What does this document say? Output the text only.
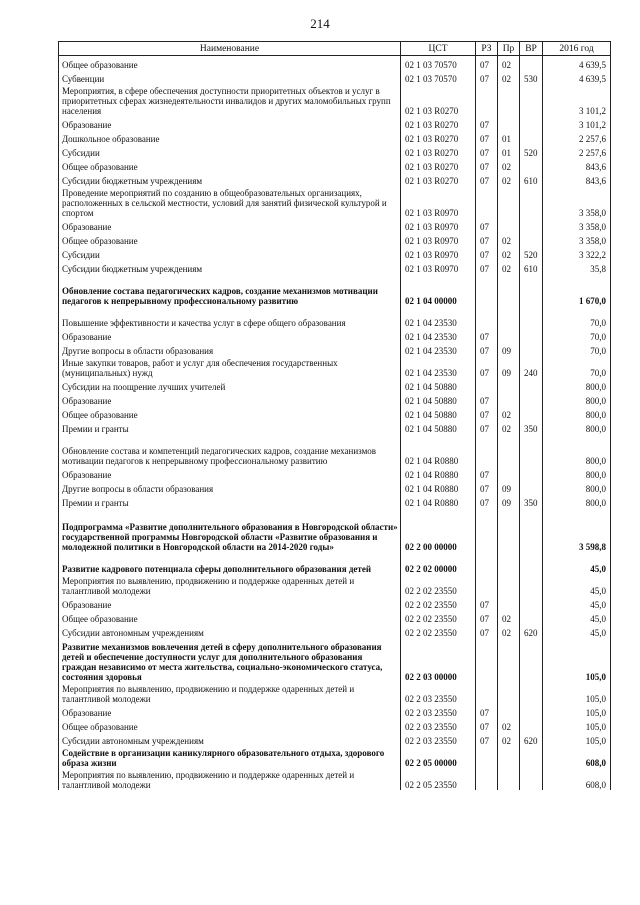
214
Наименование	ЦСТ	РЗ	Пр	ВР	2016 год
Общее образование	02 1 03 70570	07	02		4 639,5
Субвенции	02 1 03 70570	07	02	530	4 639,5
Мероприятия, в сфере обеспечения доступности приоритетных объектов и услуг в приоритетных сферах жизнедеятельности инвалидов и других маломобильных групп населения	02 1 03 R0270				3 101,2
Образование	02 1 03 R0270	07			3 101,2
Дошкольное образование	02 1 03 R0270	07	01		2 257,6
Субсидии	02 1 03 R0270	07	01	520	2 257,6
Общее образование	02 1 03 R0270	07	02		843,6
Субсидии бюджетным учреждениям	02 1 03 R0270	07	02	610	843,6
Проведение мероприятий по созданию в общеобразовательных организациях, расположенных в сельской местности, условий для занятий физической культурой и спортом	02 1 03 R0970				3 358,0
Образование	02 1 03 R0970	07			3 358,0
Общее образование	02 1 03 R0970	07	02		3 358,0
Субсидии	02 1 03 R0970	07	02	520	3 322,2
Субсидии бюджетным учреждениям	02 1 03 R0970	07	02	610	35,8
Обновление состава педагогических кадров, создание механизмов мотивации педагогов к непрерывному профессиональному развитию	02 1 04 00000				1 670,0
Повышение эффективности и качества услуг в сфере общего образования	02 1 04 23530				70,0
Образование	02 1 04 23530	07			70,0
Другие вопросы в области образования	02 1 04 23530	07	09		70,0
Иные закупки товаров, работ и услуг для обеспечения государственных (муниципальных) нужд	02 1 04 23530	07	09	240	70,0
Субсидии на поощрение лучших учителей	02 1 04 50880				800,0
Образование	02 1 04 50880	07			800,0
Общее образование	02 1 04 50880	07	02		800,0
Премии и гранты	02 1 04 50880	07	02	350	800,0
Обновление состава и компетенций педагогических кадров, создание механизмов мотивации педагогов к непрерывному профессиональному развитию	02 1 04 R0880				800,0
Образование	02 1 04 R0880	07			800,0
Другие вопросы в области образования	02 1 04 R0880	07	09		800,0
Премии и гранты	02 1 04 R0880	07	09	350	800,0
Подпрограмма «Развитие дополнительного образования в Новгородской области» государственной программы Новгородской области «Развитие образования и молодежной политики в Новгородской области на 2014-2020 годы»	02 2 00 00000				3 598,8
Развитие кадрового потенциала сферы дополнительного образования детей	02 2 02 00000				45,0
Мероприятия по выявлению, продвижению и поддержке одаренных детей и талантливой молодежи	02 2 02 23550				45,0
Образование	02 2 02 23550	07			45,0
Общее образование	02 2 02 23550	07	02		45,0
Субсидии автономным учреждениям	02 2 02 23550	07	02	620	45,0
Развитие механизмов вовлечения детей в сферу дополнительного образования детей и обеспечение доступности услуг для дополнительного образования граждан независимо от места жительства, социально-экономического статуса, состояния здоровья	02 2 03 00000				105,0
Мероприятия по выявлению, продвижению и поддержке одаренных детей и талантливой молодежи	02 2 03 23550				105,0
Образование	02 2 03 23550	07			105,0
Общее образование	02 2 03 23550	07	02		105,0
Субсидии автономным учреждениям	02 2 03 23550	07	02	620	105,0
Содействие в организации каникулярного образовательного отдыха, здорового образа жизни	02 2 05 00000				608,0
Мероприятия по выявлению, продвижению и поддержке одаренных детей и талантливой молодежи	02 2 05 23550				608,0
